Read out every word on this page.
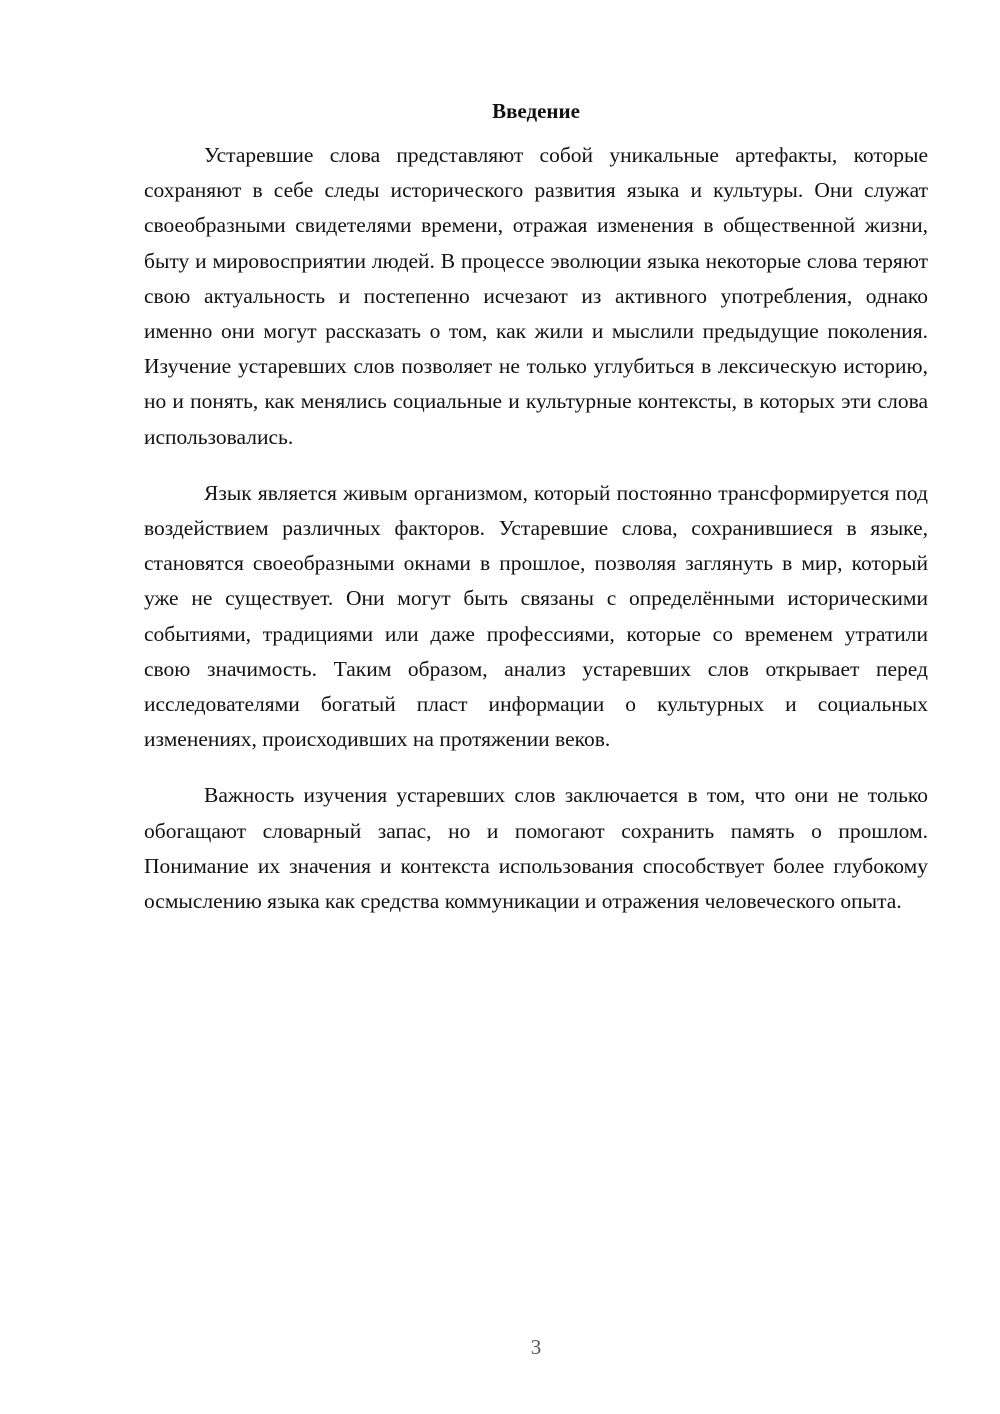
Введение

Устаревшие слова представляют собой уникальные артефакты, которые сохраняют в себе следы исторического развития языка и культуры. Они служат своеобразными свидетелями времени, отражая изменения в общественной жизни, быту и мировосприятии людей. В процессе эволюции языка некоторые слова теряют свою актуальность и постепенно исчезают из активного употребления, однако именно они могут рассказать о том, как жили и мыслили предыдущие поколения. Изучение устаревших слов позволяет не только углубиться в лексическую историю, но и понять, как менялись социальные и культурные контексты, в которых эти слова использовались.

Язык является живым организмом, который постоянно трансформируется под воздействием различных факторов. Устаревшие слова, сохранившиеся в языке, становятся своеобразными окнами в прошлое, позволяя заглянуть в мир, который уже не существует. Они могут быть связаны с определёнными историческими событиями, традициями или даже профессиями, которые со временем утратили свою значимость. Таким образом, анализ устаревших слов открывает перед исследователями богатый пласт информации о культурных и социальных изменениях, происходивших на протяжении веков.

Важность изучения устаревших слов заключается в том, что они не только обогащают словарный запас, но и помогают сохранить память о прошлом. Понимание их значения и контекста использования способствует более глубокому осмыслению языка как средства коммуникации и отражения человеческого опыта.

3
